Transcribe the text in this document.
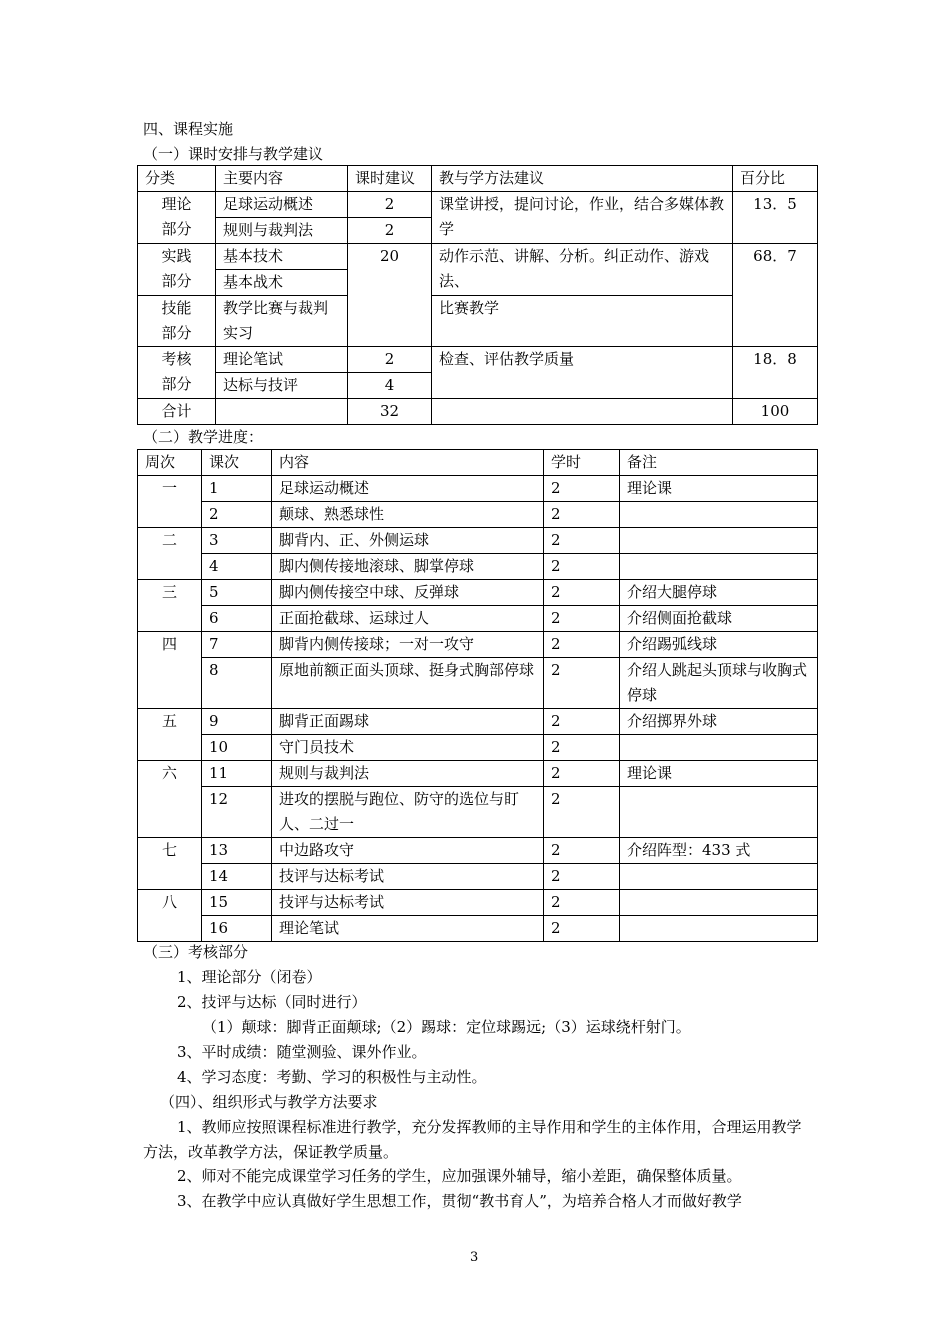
四、课程实施
（一）课时安排与教学建议
分类	主要内容	课时建议	教与学方法建议	百分比
理论
部分	足球运动概述	2	课堂讲授，提问讨论，作业，结合多媒体教学	13．5
	规则与裁判法	2		
实践
部分	基本技术	20	动作示范、讲解、分析。纠正动作、游戏法、	68．7
	基本战术			
技能
部分	教学比赛与裁判实习		比赛教学	

考核
部分	理论笔试	2	检查、评估教学质量	18．8
	达标与技评	4		
合计		32		100
（二）教学进度：
周次	课次	内容	学时	备注
一	1	足球运动概述	2	理论课
	2	颠球、熟悉球性	2	
二	3	脚背内、正、外侧运球	2	
	4	脚内侧传接地滚球、脚掌停球	2	
三	5	脚内侧传接空中球、反弹球	2	介绍大腿停球
	6	正面抢截球、运球过人	2	介绍侧面抢截球
四	7	脚背内侧传接球；一对一攻守	2	介绍踢弧线球
	8	原地前额正面头顶球、挺身式胸部停球	2	介绍人跳起头顶球与收胸式停球
五	9	脚背正面踢球	2	介绍掷界外球
	10	守门员技术	2	
六	11	规则与裁判法	2	理论课
	12	进攻的摆脱与跑位、防守的选位与盯人、二过一	2	
七	13	中边路攻守	2	介绍阵型：433 式
	14	技评与达标考试	2	
八	15	技评与达标考试	2	
	16	理论笔试	2	
（三）考核部分
1、理论部分（闭卷）
2、技评与达标（同时进行）
（1）颠球：脚背正面颠球;（2）踢球：定位球踢远;（3）运球绕杆射门。
3、平时成绩：随堂测验、课外作业。
4、学习态度：考勤、学习的积极性与主动性。
（四）、组织形式与教学方法要求
1、教师应按照课程标准进行教学，充分发挥教师的主导作用和学生的主体作用，合理运用教学方法，改革教学方法，保证教学质量。
2、师对不能完成课堂学习任务的学生，应加强课外辅导，缩小差距，确保整体质量。
3、在教学中应认真做好学生思想工作，贯彻“教书育人”，为培养合格人才而做好教学
3
